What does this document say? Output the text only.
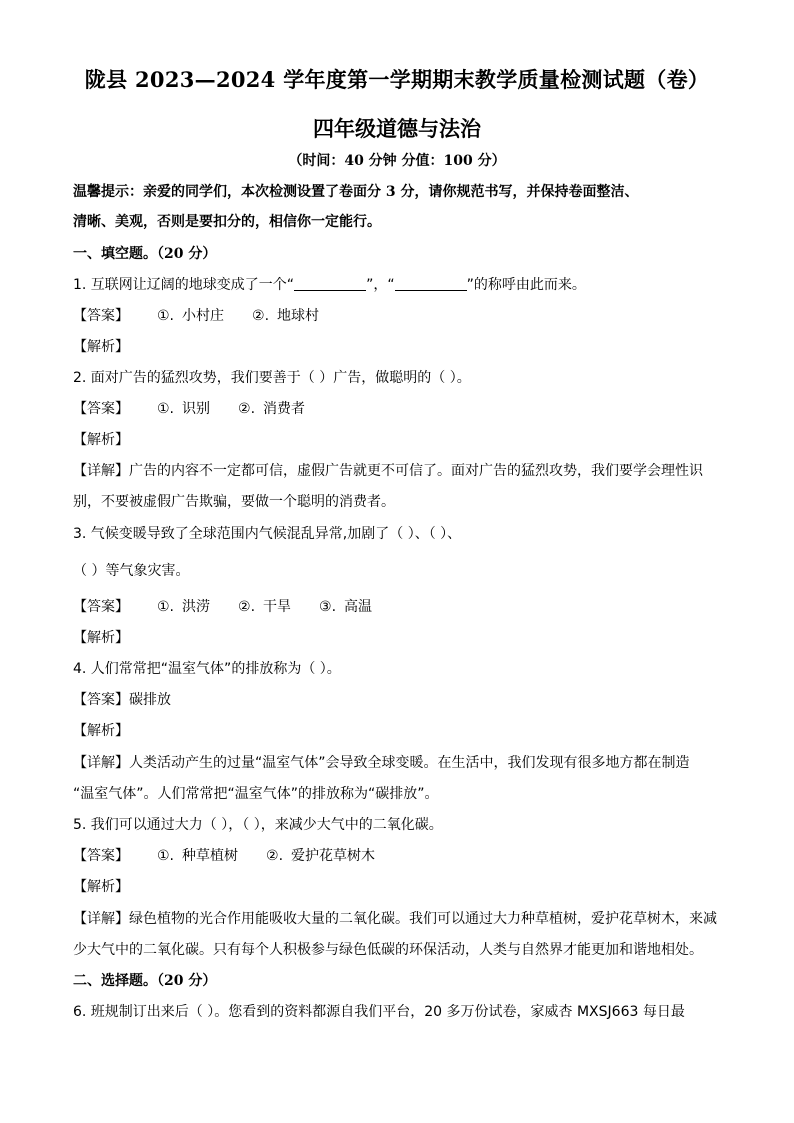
陇县 2023—2024 学年度第一学期期末教学质量检测试题（卷）
四年级道德与法治
（时间：40 分钟 分值：100 分）
温馨提示：亲爱的同学们，本次检测设置了卷面分 3 分，请你规范书写，并保持卷面整洁、
清晰、美观，否则是要扣分的，相信你一定能行。
一、填空题。（20 分）
1. 互联网让辽阔的地球变成了一个“	”，“	”的称呼由此而来。
【答案】 ①. 小村庄 ②. 地球村
【解析】
2. 面对广告的猛烈攻势，我们要善于（ ）广告，做聪明的（ ）。
【答案】 ①. 识别 ②. 消费者
【解析】
【详解】广告的内容不一定都可信，虚假广告就更不可信了。面对广告的猛烈攻势，我们要学会理性识
别，不要被虚假广告欺骗，要做一个聪明的消费者。
3. 气候变暖导致了全球范围内气候混乱异常,加剧了（ ）、（ ）、
（ ）等气象灾害。
【答案】 ①. 洪涝 ②. 干旱 ③. 高温
【解析】
4. 人们常常把“温室气体”的排放称为（ ）。
【答案】碳排放
【解析】
【详解】人类活动产生的过量“温室气体”会导致全球变暖。在生活中，我们发现有很多地方都在制造
“温室气体”。人们常常把“温室气体”的排放称为“碳排放”。
5. 我们可以通过大力（ ），（ ），来减少大气中的二氧化碳。
【答案】 ①. 种草植树 ②. 爱护花草树木
【解析】
【详解】绿色植物的光合作用能吸收大量的二氧化碳。我们可以通过大力种草植树，爱护花草树木，来减
少大气中的二氧化碳。只有每个人积极参与绿色低碳的环保活动，人类与自然界才能更加和谐地相处。
二、选择题。（20 分）
6. 班规制订出来后（ ）。您看到的资料都源自我们平台，20 多万份试卷，家威杏 MXSJ663 每日最
